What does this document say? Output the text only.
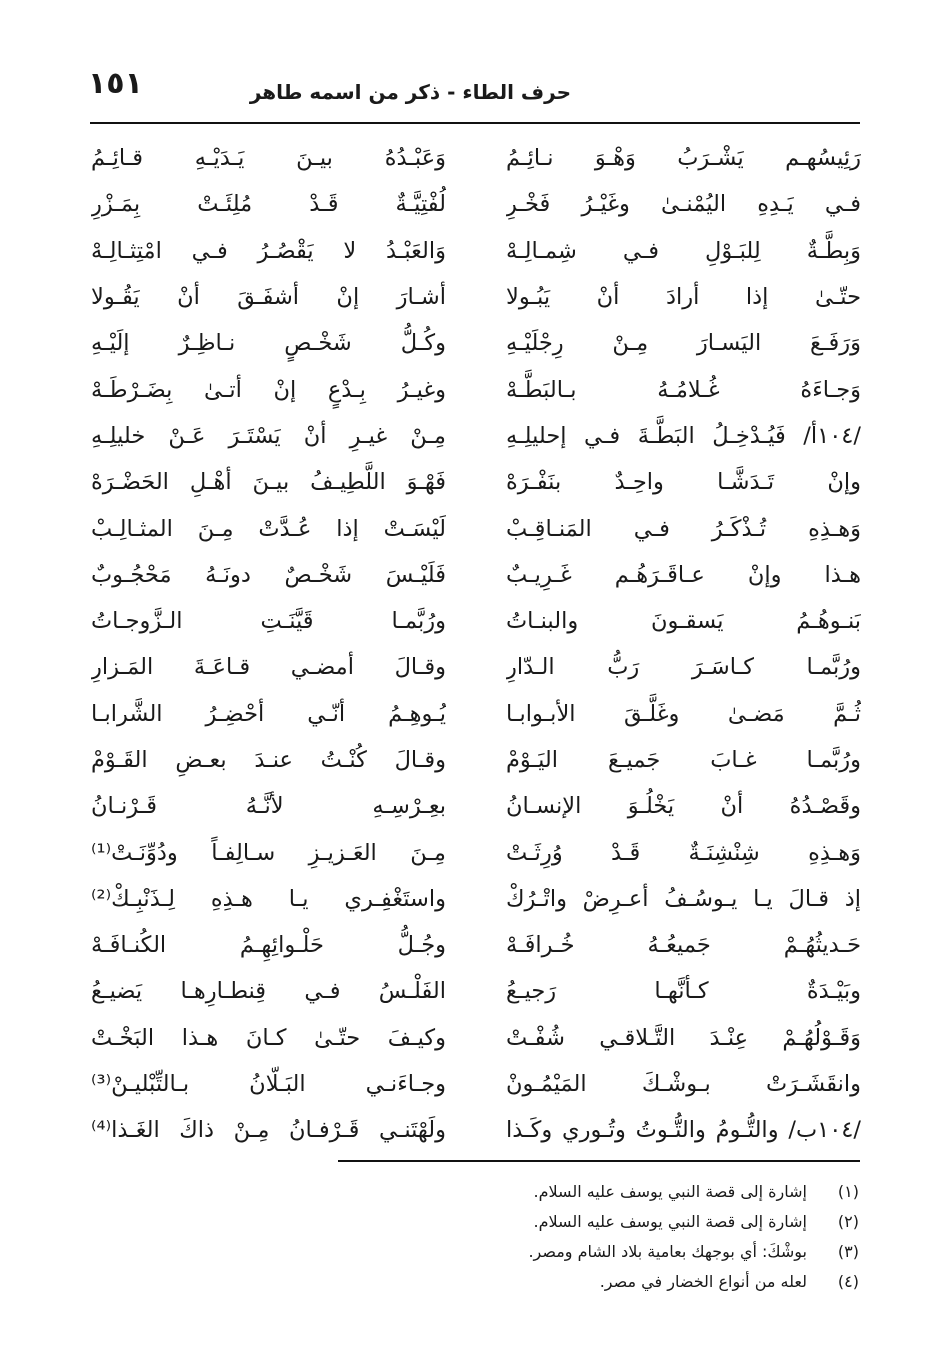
١٥١	حرف الطاء - ذكر من اسمه طاهر
رَئِيسُهـم يَشْـرَبُ وَهْـوَ نـائِـمُ
وَعَبْـدُهُ بيـنَ يَـدَيْـهِ قـائِـمُ
فـي يَـدِهِ اليُمْنـىٰ وغَيْـرُ فَخْـرِ
لُفْتِيَّـةٌ قَـدْ مُلِئَـتْ بِمَـزْرِ
وَبِطَّـةٌ لِلبَـوْلِ فـي شِمـالِـهْ
وَالعَبْـدُ لا يَقْصُـرُ فـي امْتِثـالِـهْ
حتّـىٰ إذا أرادَ أنْ يَبُـولا
أشـارَ إنْ أشفَـقَ أنْ يَقُـولا
وَرَفَـعَ اليَسـارَ مِـنْ رِجْلَيْـهِ
وكُـلُّ شَخْـصٍ نـاظِـرٌ إلَيْـهِ
وَجـاءَهُ غُـلامُـهُ بـالبَطَّـهْ
وغيـرُ بِـدْعٍ إنْ أتـىٰ بِضَـرْطَـهْ
/١٠٤أ/ فَيُـدْخِـلُ البَطَّـةَ فـي إحليلِـهِ
مِـنْ غيـرِ أنْ يَسْتَـرَ عَـنْ خليلِـهِ
وإنْ تَـدَشَّـا واحِـدٌ بنَفْـرَهْ
فَهْـوَ اللَّطِيـفُ بيـنَ أهْـلِ الحَضْـرَهْ
وَهـذِهِ تُـذْكَـرُ فـي المَنـاقِـبْ
لَيْسَـتْ إذا عُـدَّتْ مِـنَ المثـالِـبْ
هـذا وإنْ عـاقَـرَهُـم غَـرِيـبٌ
فَلَيْـسَ شَخْـصٌ دونَـهُ مَحْجُـوبٌ
بَنـوهُـمُ يَسقـونَ والبنـاتُ
ورُبَّمـا قَيَّنَـتِ الـزَّوجـاتُ
ورُبَّمـا كـاسَـرَ رَبُّ الـدّارِ
وقـالَ أمضـي قـاعَـةَ المَـزارِ
ثُـمَّ مَضـىٰ وغَلَّـقَ الأبـوابـا
يُـوهِـمُ أنّـي أحْضِـرُ الشَّرابـا
ورُبَّمـا غـابَ جَميـعَ اليَـوْمْ
وقـالَ كُنْـتُ عنـدَ بعـضِ القَـوْمْ
وقَصْـدُهُ أنْ يَخْلُـوَ الإنسـانُ
بعِـرْسِـهِ لأنَّـهُ قَـرْنـانُ
وَهـذِهِ شِنْشِنَـةٌ قَـدْ وُرِثَـتْ
مِـنَ العَـزيـزِ سـالِفـاً ودُوِّنَـتْ⁽¹⁾
إذ قـالَ يـا يـوسُـفُ أعـرِضْ واتْـرُكْ
واستَغْفِـري يـا هـذِهِ لِـذَنْبِـكْ⁽²⁾
حَـديثُهُـمْ جَميعُـهُ خُـرافَـهْ
وجُـلُّ حَلْـوائِهِـمُ الكُنـافَـهْ
وبَيْـدَةٌ كـأنَّهـا رَجيـعُ
الفَلْـسُ فـي قِنطـارِهـا يَضيـعُ
وَقَـوْلُهُـمْ عِنْـدَ التَّـلاقـي شُفْـتْ
وكيـفَ حتّـىٰ كـانَ هـذا البَخْـتْ
وانقَشَـرَتْ بـوشْـكَ المَيْمُـونْ
وجـاءَنـي البَـلّانُ بـالتِّبْليـنْ⁽³⁾
/١٠٤ب/ والتُّـومُ والتُّـوتُ وتُـوري وكَـذا
ولَهْتَنـي قَـرْفـانُ مِـنْ ذاكَ الغَـذا⁽⁴⁾
(١)
إشارة إلى قصة النبي يوسف عليه السلام.
(٢)
إشارة إلى قصة النبي يوسف عليه السلام.
(٣)
بوشْكَ: أي بوجهك بعامية بلاد الشام ومصر.
(٤)
لعله من أنواع الخضار في مصر.
